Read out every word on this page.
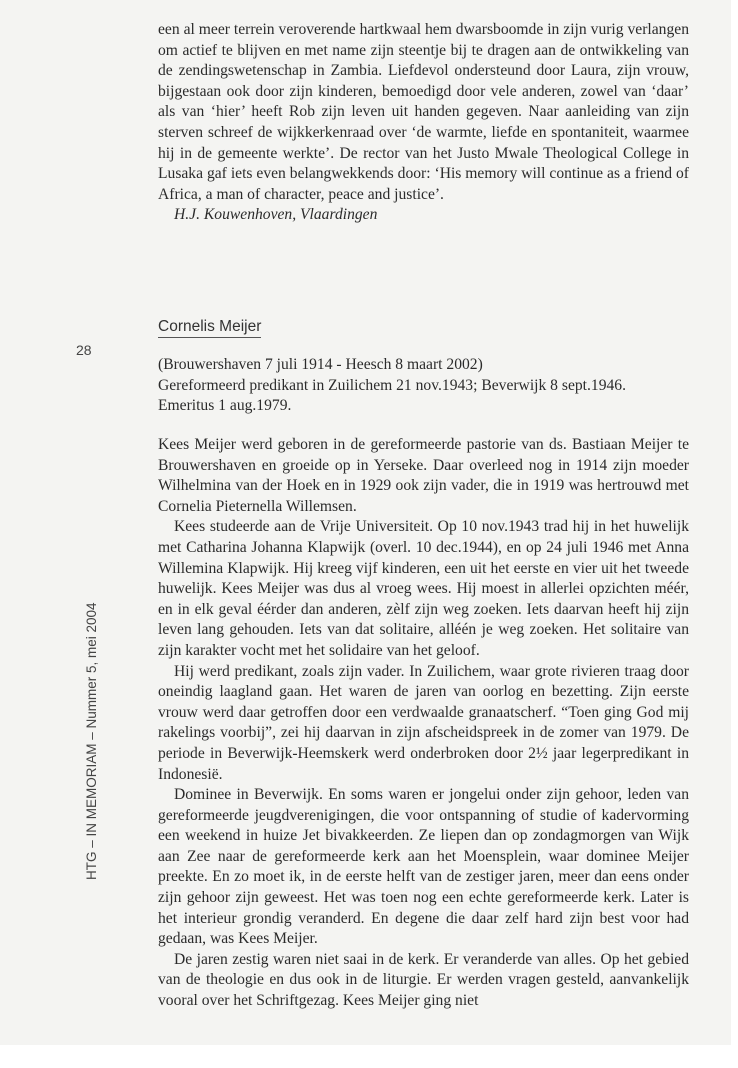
een al meer terrein veroverende hartkwaal hem dwarsboomde in zijn vurig verlangen om actief te blijven en met name zijn steentje bij te dragen aan de ontwikkeling van de zendingswetenschap in Zambia. Liefdevol ondersteund door Laura, zijn vrouw, bijgestaan ook door zijn kinderen, bemoedigd door vele anderen, zowel van ‘daar’ als van ‘hier’ heeft Rob zijn leven uit handen gegeven. Naar aanleiding van zijn sterven schreef de wijkkerkenraad over ‘de warmte, liefde en spontaniteit, waarmee hij in de gemeente werkte’. De rector van het Justo Mwale Theological College in Lusaka gaf iets even belangwekkends door: ‘His memory will continue as a friend of Africa, a man of character, peace and justice’.

H.J. Kouwenhoven, Vlaardingen

Cornelis Meijer
28
HTG – IN MEMORIAM – Nummer 5, mei 2004

(Brouwershaven 7 juli 1914 - Heesch 8 maart 2002)

Gereformeerd predikant in Zuilichem 21 nov.1943; Beverwijk 8 sept.1946.

Emeritus 1 aug.1979.

Kees Meijer werd geboren in de gereformeerde pastorie van ds. Bastiaan Meijer te Brouwershaven en groeide op in Yerseke. Daar overleed nog in 1914 zijn moeder Wilhelmina van der Hoek en in 1929 ook zijn vader, die in 1919 was hertrouwd met Cornelia Pieternella Willemsen.

Kees studeerde aan de Vrije Universiteit. Op 10 nov.1943 trad hij in het huwelijk met Catharina Johanna Klapwijk (overl. 10 dec.1944), en op 24 juli 1946 met Anna Willemina Klapwijk. Hij kreeg vijf kinderen, een uit het eerste en vier uit het tweede huwelijk. Kees Meijer was dus al vroeg wees. Hij moest in allerlei opzichten méér, en in elk geval éérder dan anderen, zèlf zijn weg zoeken. Iets daarvan heeft hij zijn leven lang gehouden. Iets van dat solitaire, alléén je weg zoeken. Het solitaire van zijn karakter vocht met het solidaire van het geloof.

Hij werd predikant, zoals zijn vader. In Zuilichem, waar grote rivieren traag door oneindig laagland gaan. Het waren de jaren van oorlog en bezetting. Zijn eerste vrouw werd daar getroffen door een verdwaalde granaatscherf. “Toen ging God mij rakelings voorbij”, zei hij daarvan in zijn afscheidspreek in de zomer van 1979. De periode in Beverwijk-Heemskerk werd onderbroken door 2½ jaar legerpredikant in Indonesië.

Dominee in Beverwijk. En soms waren er jongelui onder zijn gehoor, leden van gereformeerde jeugdverenigingen, die voor ontspanning of studie of kadervorming een weekend in huize Jet bivakkeerden. Ze liepen dan op zondagmorgen van Wijk aan Zee naar de gereformeerde kerk aan het Moensplein, waar dominee Meijer preekte. En zo moet ik, in de eerste helft van de zestiger jaren, meer dan eens onder zijn gehoor zijn geweest. Het was toen nog een echte gereformeerde kerk. Later is het interieur grondig veranderd. En degene die daar zelf hard zijn best voor had gedaan, was Kees Meijer.

De jaren zestig waren niet saai in de kerk. Er veranderde van alles. Op het gebied van de theologie en dus ook in de liturgie. Er werden vragen gesteld, aanvankelijk vooral over het Schriftgezag. Kees Meijer ging niet
